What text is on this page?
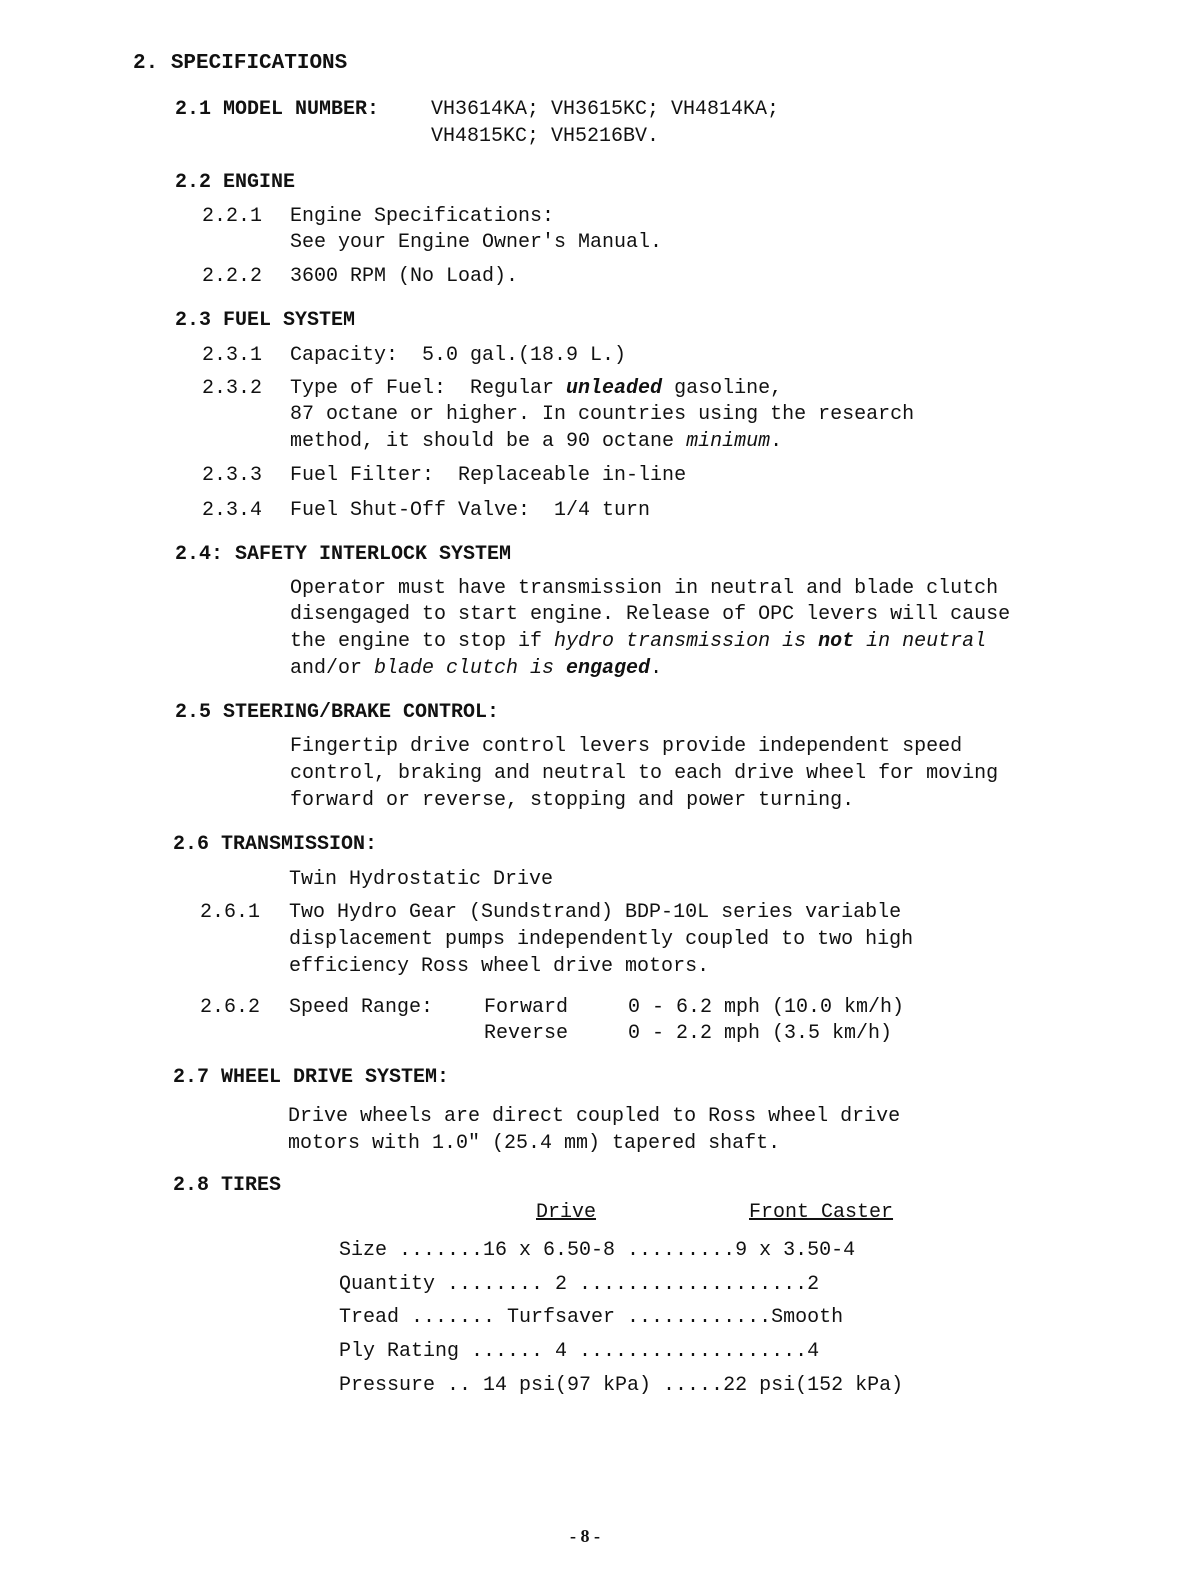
2. SPECIFICATIONS
2.1 MODEL NUMBER:	VH3614KA; VH3615KC; VH4814KA;
VH4815KC; VH5216BV.
2.2 ENGINE
2.2.1 Engine Specifications:
See your Engine Owner's Manual.
2.2.2 3600 RPM (No Load).
2.3 FUEL SYSTEM
2.3.1 Capacity:  5.0 gal.(18.9 L.)
2.3.2 Type of Fuel:  Regular unleaded gasoline,
87 octane or higher. In countries using the research
method, it should be a 90 octane minimum.
2.3.3 Fuel Filter:  Replaceable in-line
2.3.4 Fuel Shut-Off Valve:  1/4 turn
2.4: SAFETY INTERLOCK SYSTEM
Operator must have transmission in neutral and blade clutch
disengaged to start engine. Release of OPC levers will cause
the engine to stop if hydro transmission is not in neutral
and/or blade clutch is engaged.
2.5 STEERING/BRAKE CONTROL:
Fingertip drive control levers provide independent speed
control, braking and neutral to each drive wheel for moving
forward or reverse, stopping and power turning.
2.6 TRANSMISSION:
Twin Hydrostatic Drive
2.6.1 Two Hydro Gear (Sundstrand) BDP-10L series variable
displacement pumps independently coupled to two high
efficiency Ross wheel drive motors.
2.6.2 Speed Range:	Forward	0 - 6.2 mph (10.0 km/h)
Reverse	0 - 2.2 mph (3.5 km/h)
2.7 WHEEL DRIVE SYSTEM:
Drive wheels are direct coupled to Ross wheel drive
motors with 1.0" (25.4 mm) tapered shaft.
2.8 TIRES
Drive	Front Caster
Size .......16 x 6.50-8 .........9 x 3.50-4
Quantity ........ 2 ...................2
Tread ....... Turfsaver ............Smooth
Ply Rating ...... 4 ...................4
Pressure .. 14 psi(97 kPa) .....22 psi(152 kPa)
- 8 -
